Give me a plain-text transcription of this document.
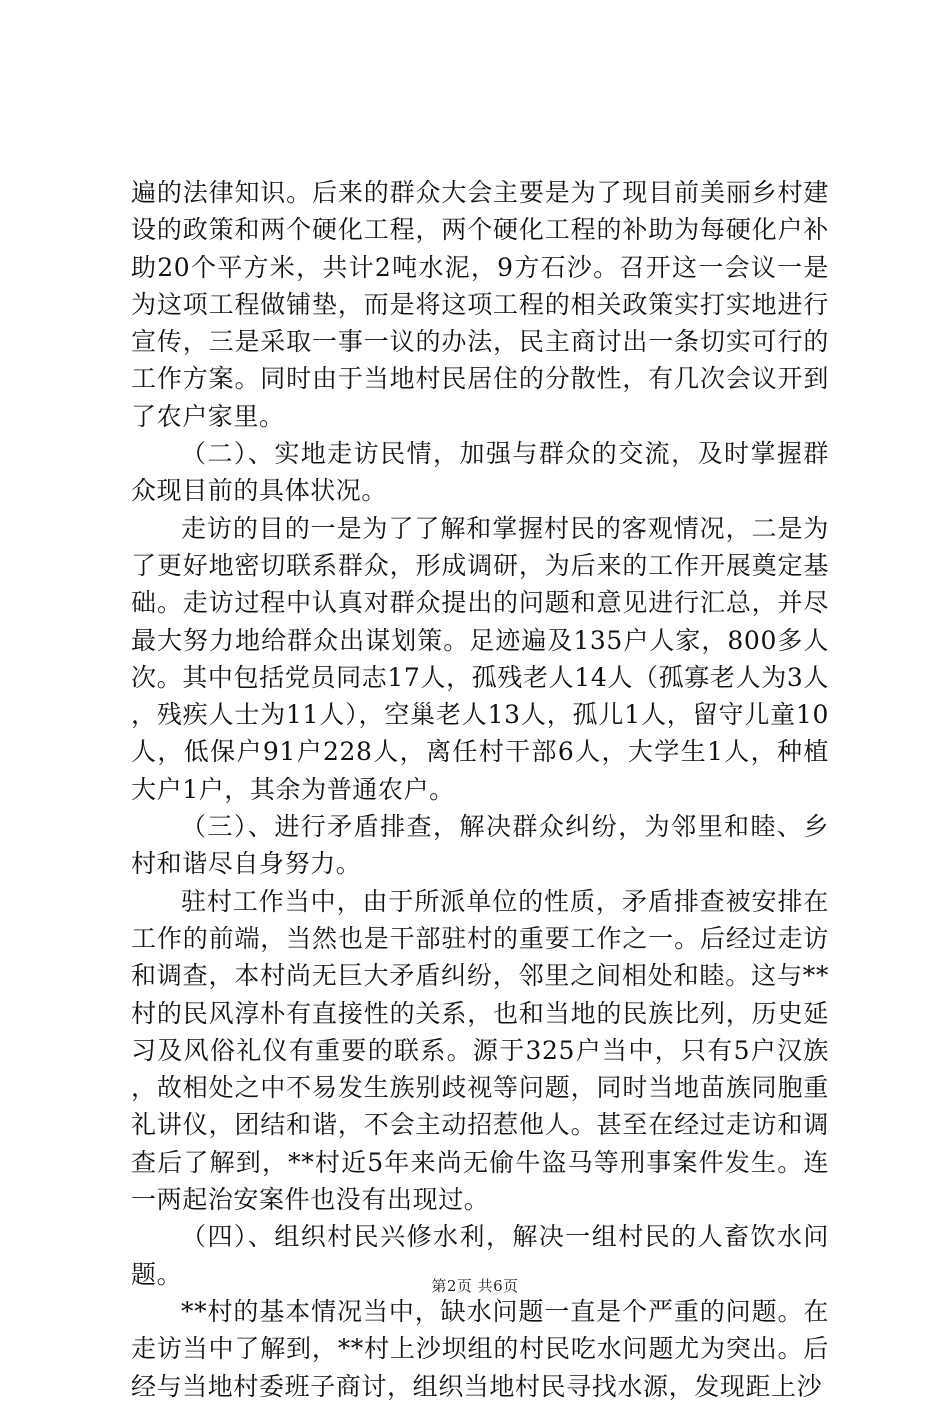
遍的法律知识。后来的群众大会主要是为了现目前美丽乡村建设的政策和两个硬化工程，两个硬化工程的补助为每硬化户补助20个平方米，共计2吨水泥，9方石沙。召开这一会议一是为这项工程做铺垫，而是将这项工程的相关政策实打实地进行宣传，三是采取一事一议的办法，民主商讨出一条切实可行的工作方案。同时由于当地村民居住的分散性，有几次会议开到了农户家里。

（二）、实地走访民情，加强与群众的交流，及时掌握群众现目前的具体状况。

走访的目的一是为了了解和掌握村民的客观情况，二是为了更好地密切联系群众，形成调研，为后来的工作开展奠定基础。走访过程中认真对群众提出的问题和意见进行汇总，并尽最大努力地给群众出谋划策。足迹遍及135户人家，800多人次。其中包括党员同志17人，孤残老人14人（孤寡老人为3人，残疾人士为11人），空巢老人13人，孤儿1人，留守儿童10人，低保户91户228人，离任村干部6人，大学生1人，种植大户1户，其余为普通农户。

（三）、进行矛盾排查，解决群众纠纷，为邻里和睦、乡村和谐尽自身努力。

驻村工作当中，由于所派单位的性质，矛盾排查被安排在工作的前端，当然也是干部驻村的重要工作之一。后经过走访和调查，本村尚无巨大矛盾纠纷，邻里之间相处和睦。这与**村的民风淳朴有直接性的关系，也和当地的民族比列，历史延习及风俗礼仪有重要的联系。源于325户当中，只有5户汉族，故相处之中不易发生族别歧视等问题，同时当地苗族同胞重礼讲仪，团结和谐，不会主动招惹他人。甚至在经过走访和调查后了解到，**村近5年来尚无偷牛盗马等刑事案件发生。连一两起治安案件也没有出现过。

（四）、组织村民兴修水利，解决一组村民的人畜饮水问题。

**村的基本情况当中，缺水问题一直是个严重的问题。在走访当中了解到，**村上沙坝组的村民吃水问题尤为突出。后经与当地村委班子商讨，组织当地村民寻找水源，发现距上沙

第2页 共6页
